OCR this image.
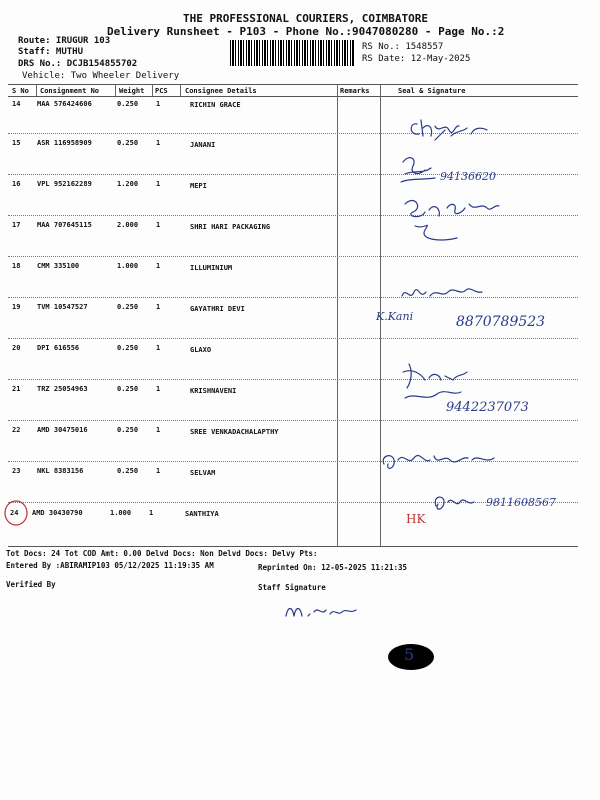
THE PROFESSIONAL COURIERS, COIMBATORE
Delivery Runsheet - P103 - Phone No.:9047080280 - Page No.:2
Route: IRUGUR 103
Staff: MUTHU
DRS No.: DCJB154855702
Vehicle: Two Wheeler Delivery
RS No.: 1548557
RS Date: 12-May-2025
S No Consignment No	Weight PCS Consignee Details	Remarks	Seal & Signature
14 MAA 576424606	0.250	1	RICHIN GRACE
15 ASR 116958909	0.250	1	JANANI
16 VPL 952162289	1.200	1	MEPI
17 MAA 707645115	2.000	1	SHRI HARI PACKAGING
18 CMM 335100	1.000	1	ILLUMINIUM
19 TVM 10547527	0.250	1	GAYATHRI DEVI
20 DPI 616556	0.250	1	GLAXO
21 TRZ 25054963	0.250	1	KRISHNAVENI
22 AMD 30475016	0.250	1	SREE VENKADACHALAPTHY
23 NKL 8383156	0.250	1	SELVAM
24 AMD 30430790	1.000	1	SANTHIYA
Tot Docs: 24 Tot COD Amt: 0.00 Delvd Docs: Non Delvd Docs: Delvy Pts:
Entered By :ABIRAMIP103 05/12/2025 11:19:35 AM	Reprinted On: 12-05-2025 11:21:35
Verified By	Staff Signature
94136620
K.Kani	8870789523
9442237073
9811608567
HK
5
